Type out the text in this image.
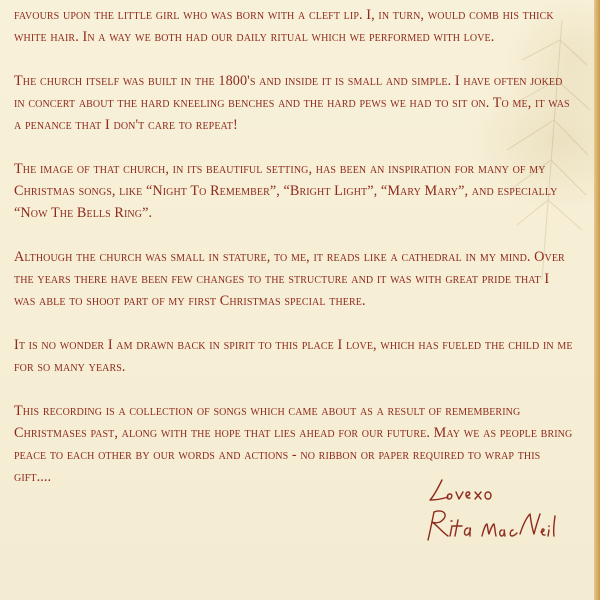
favours upon the little girl who was born with a cleft lip. I, in turn, would comb his thick white hair. In a way we both had our daily ritual which we performed with love.

The church itself was built in the 1800's and inside it is small and simple. I have often joked in concert about the hard kneeling benches and the hard pews we had to sit on. To me, it was a penance that I don't care to repeat!

The image of that church, in its beautiful setting, has been an inspiration for many of my Christmas songs, like “Night To Remember”, “Bright Light”, “Mary Mary”, and especially “Now The Bells Ring”.

Although the church was small in stature, to me, it reads like a cathedral in my mind. Over the years there have been few changes to the structure and it was with great pride that I was able to shoot part of my first Christmas special there.

It is no wonder I am drawn back in spirit to this place I love, which has fueled the child in me for so many years.

This recording is a collection of songs which came about as a result of remembering Christmases past, along with the hope that lies ahead for our future. May we as people bring peace to each other by our words and actions - no ribbon or paper required to wrap this gift....
